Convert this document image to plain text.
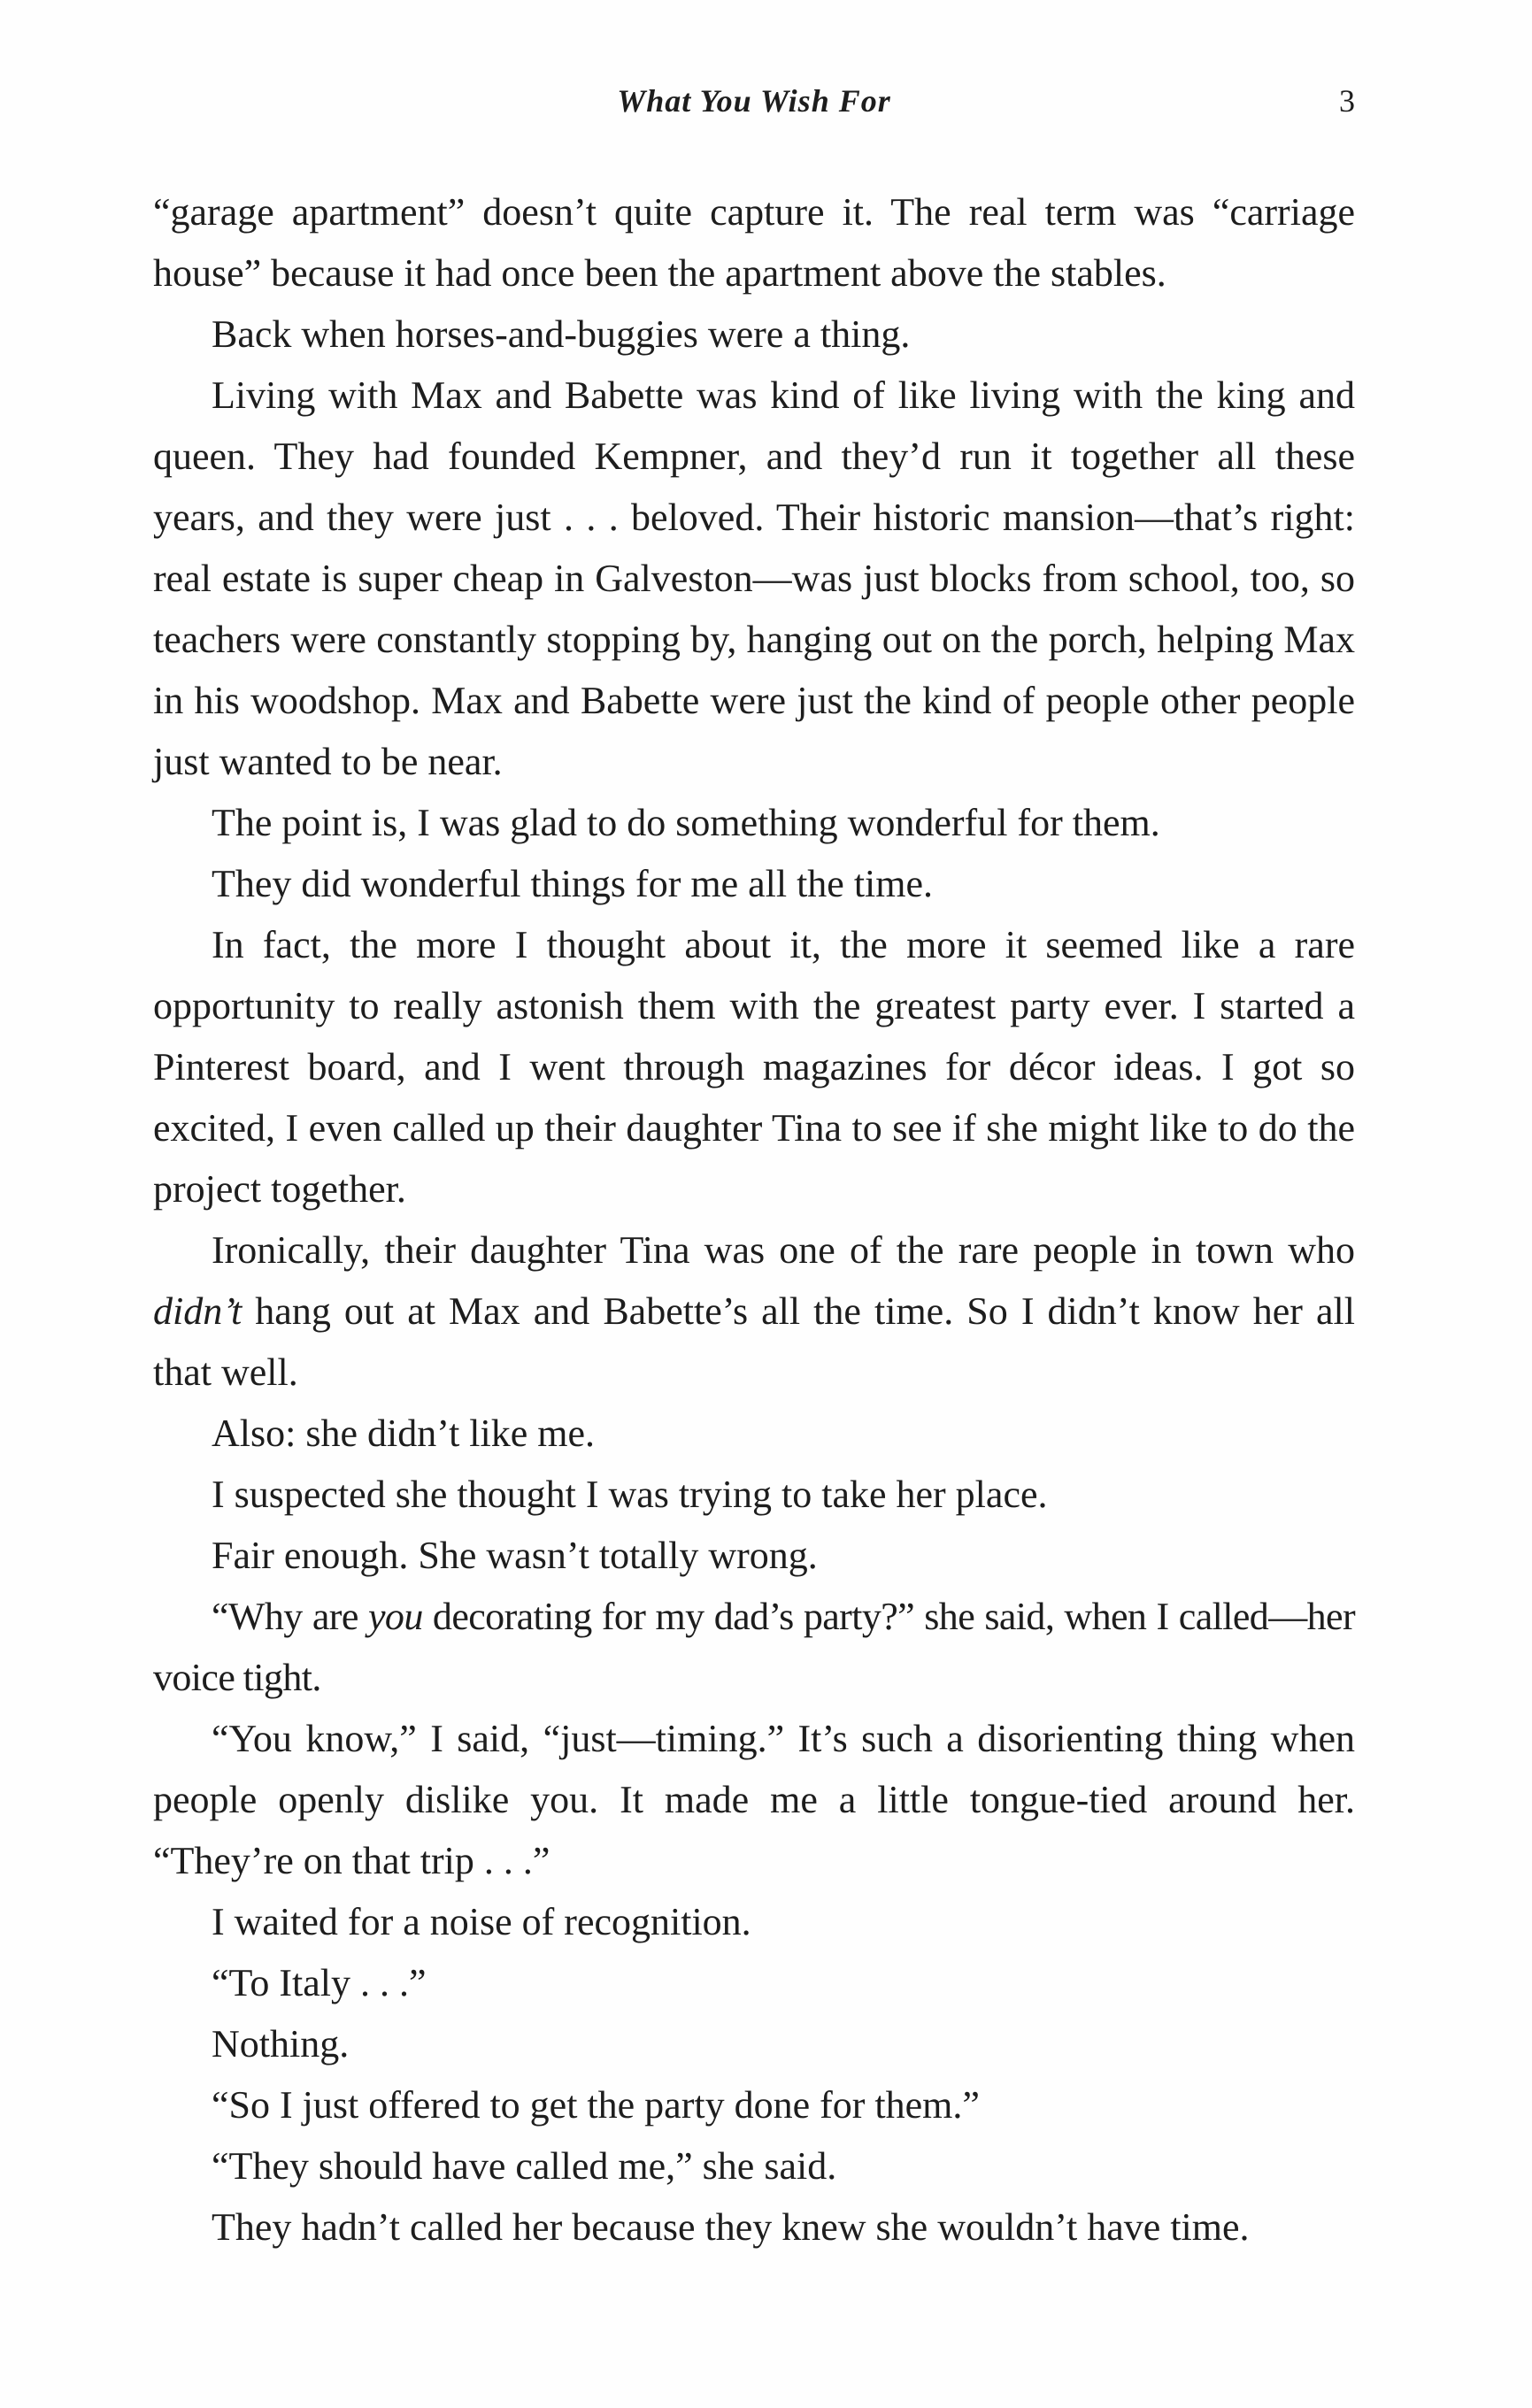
What You Wish For	3

“garage apartment” doesn’t quite capture it. The real term was “carriage house” because it had once been the apartment above the stables.

Back when horses-and-buggies were a thing.

Living with Max and Babette was kind of like living with the king and queen. They had founded Kempner, and they’d run it together all these years, and they were just . . . beloved. Their historic mansion—that’s right: real estate is super cheap in Galveston—was just blocks from school, too, so teachers were constantly stopping by, hanging out on the porch, helping Max in his woodshop. Max and Babette were just the kind of people other people just wanted to be near.

The point is, I was glad to do something wonderful for them.

They did wonderful things for me all the time.

In fact, the more I thought about it, the more it seemed like a rare opportunity to really astonish them with the greatest party ever. I started a Pinterest board, and I went through magazines for décor ideas. I got so excited, I even called up their daughter Tina to see if she might like to do the project together.

Ironically, their daughter Tina was one of the rare people in town who didn’t hang out at Max and Babette’s all the time. So I didn’t know her all that well.

Also: she didn’t like me.

I suspected she thought I was trying to take her place.

Fair enough. She wasn’t totally wrong.

“Why are you decorating for my dad’s party?” she said, when I called—her voice tight.

“You know,” I said, “just—timing.” It’s such a disorienting thing when people openly dislike you. It made me a little tongue-tied around her. “They’re on that trip . . .”

I waited for a noise of recognition.

“To Italy . . .”

Nothing.

“So I just offered to get the party done for them.”

“They should have called me,” she said.

They hadn’t called her because they knew she wouldn’t have time.
